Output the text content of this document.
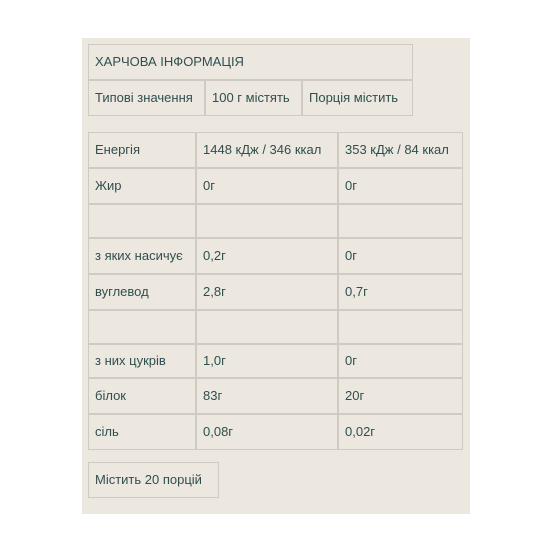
ХАРЧОВА ІНФОРМАЦІЯ
Типові значення	100 г містять	Порція містить
Енергія	1448 кДж / 346 ккал	353 кДж / 84 ккал
Жир	0г	0г
з яких насичує	0,2г	0г
вуглевод	2,8г	0,7г
з них цукрів	1,0г	0г
білок	83г	20г
сіль	0,08г	0,02г
Містить 20 порцій
